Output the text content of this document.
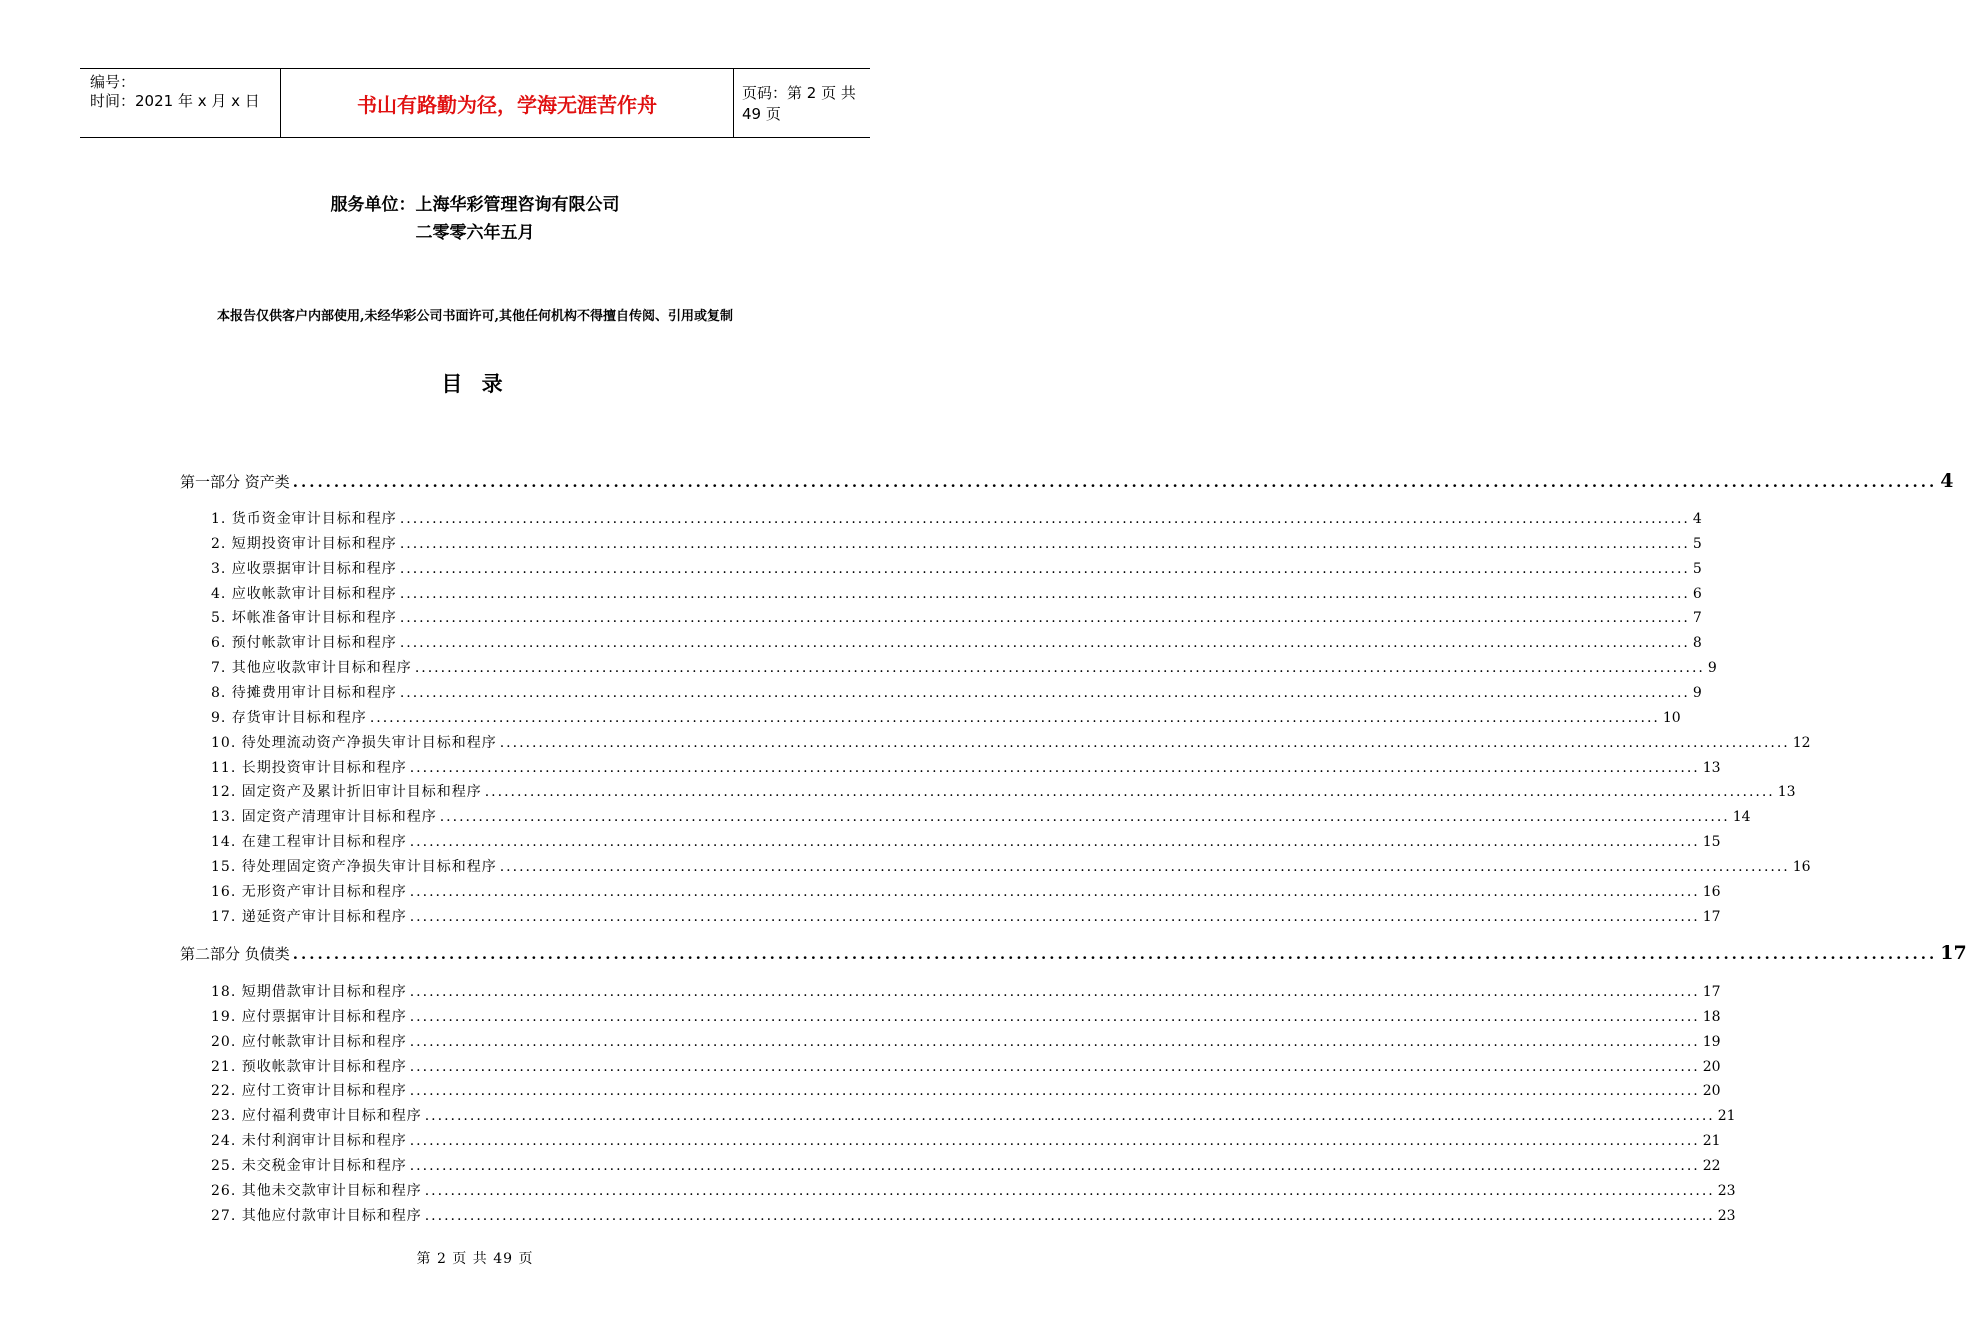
编号：
时间：2021 年 x 月 x 日	书山有路勤为径，学海无涯苦作舟	页码：第 2 页 共 49 页
服务单位：上海华彩管理咨询有限公司
二零零六年五月
本报告仅供客户内部使用,未经华彩公司书面许可,其他任何机构不得擅自传阅、引用或复制
目 录
第一部分 资产类 ........................................................................................................................................................................................................ 4
1. 货币资金审计目标和程序 ........................................................................................................................................................................................................ 4
2. 短期投资审计目标和程序 ........................................................................................................................................................................................................ 5
3. 应收票据审计目标和程序 ........................................................................................................................................................................................................ 5
4. 应收帐款审计目标和程序 ........................................................................................................................................................................................................ 6
5. 坏帐准备审计目标和程序 ........................................................................................................................................................................................................ 7
6. 预付帐款审计目标和程序 ........................................................................................................................................................................................................ 8
7. 其他应收款审计目标和程序 ........................................................................................................................................................................................................ 9
8. 待摊费用审计目标和程序 ........................................................................................................................................................................................................ 9
9. 存货审计目标和程序 ........................................................................................................................................................................................................ 10
10. 待处理流动资产净损失审计目标和程序 ........................................................................................................................................................................................................ 12
11. 长期投资审计目标和程序 ........................................................................................................................................................................................................ 13
12. 固定资产及累计折旧审计目标和程序 ........................................................................................................................................................................................................ 13
13. 固定资产清理审计目标和程序 ........................................................................................................................................................................................................ 14
14. 在建工程审计目标和程序 ........................................................................................................................................................................................................ 15
15. 待处理固定资产净损失审计目标和程序 ........................................................................................................................................................................................................ 16
16. 无形资产审计目标和程序 ........................................................................................................................................................................................................ 16
17. 递延资产审计目标和程序 ........................................................................................................................................................................................................ 17
第二部分 负债类 ........................................................................................................................................................................................................ 17
18. 短期借款审计目标和程序 ........................................................................................................................................................................................................ 17
19. 应付票据审计目标和程序 ........................................................................................................................................................................................................ 18
20. 应付帐款审计目标和程序 ........................................................................................................................................................................................................ 19
21. 预收帐款审计目标和程序 ........................................................................................................................................................................................................ 20
22. 应付工资审计目标和程序 ........................................................................................................................................................................................................ 20
23. 应付福利费审计目标和程序 ........................................................................................................................................................................................................ 21
24. 未付利润审计目标和程序 ........................................................................................................................................................................................................ 21
25. 未交税金审计目标和程序 ........................................................................................................................................................................................................ 22
26. 其他未交款审计目标和程序 ........................................................................................................................................................................................................ 23
27. 其他应付款审计目标和程序 ........................................................................................................................................................................................................ 23
第 2 页 共 49 页
